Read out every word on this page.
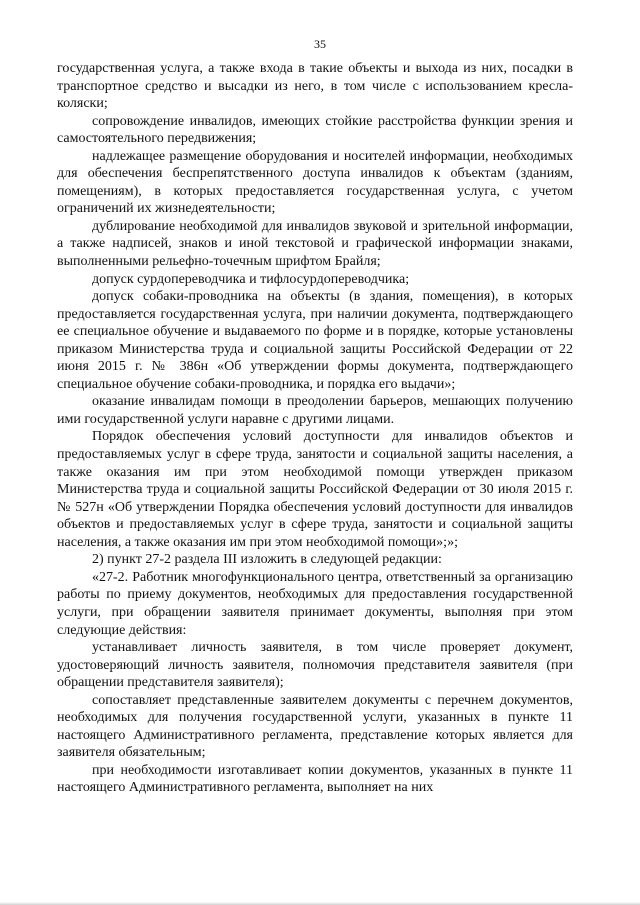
35

государственная услуга, а также входа в такие объекты и выхода из них, посадки в транспортное средство и высадки из него, в том числе с использованием кресла-коляски;

сопровождение инвалидов, имеющих стойкие расстройства функции зрения и самостоятельного передвижения;

надлежащее размещение оборудования и носителей информации, необходимых для обеспечения беспрепятственного доступа инвалидов к объектам (зданиям, помещениям), в которых предоставляется государственная услуга, с учетом ограничений их жизнедеятельности;

дублирование необходимой для инвалидов звуковой и зрительной информации, а также надписей, знаков и иной текстовой и графической информации знаками, выполненными рельефно-точечным шрифтом Брайля;

допуск сурдопереводчика и тифлосурдопереводчика;

допуск собаки-проводника на объекты (в здания, помещения), в которых предоставляется государственная услуга, при наличии документа, подтверждающего ее специальное обучение и выдаваемого по форме и в порядке, которые установлены приказом Министерства труда и социальной защиты Российской Федерации от 22 июня 2015 г. № 386н «Об утверждении формы документа, подтверждающего специальное обучение собаки-проводника, и порядка его выдачи»;

оказание инвалидам помощи в преодолении барьеров, мешающих получению ими государственной услуги наравне с другими лицами.

Порядок обеспечения условий доступности для инвалидов объектов и предоставляемых услуг в сфере труда, занятости и социальной защиты населения, а также оказания им при этом необходимой помощи утвержден приказом Министерства труда и социальной защиты Российской Федерации от 30 июля 2015 г. № 527н «Об утверждении Порядка обеспечения условий доступности для инвалидов объектов и предоставляемых услуг в сфере труда, занятости и социальной защиты населения, а также оказания им при этом необходимой помощи»;»;

2) пункт 27-2 раздела III изложить в следующей редакции:

«27-2. Работник многофункционального центра, ответственный за организацию работы по приему документов, необходимых для предоставления государственной услуги, при обращении заявителя принимает документы, выполняя при этом следующие действия:

устанавливает личность заявителя, в том числе проверяет документ, удостоверяющий личность заявителя, полномочия представителя заявителя (при обращении представителя заявителя);

сопоставляет представленные заявителем документы с перечнем документов, необходимых для получения государственной услуги, указанных в пункте 11 настоящего Административного регламента, представление которых является для заявителя обязательным;

при необходимости изготавливает копии документов, указанных в пункте 11 настоящего Административного регламента, выполняет на них
